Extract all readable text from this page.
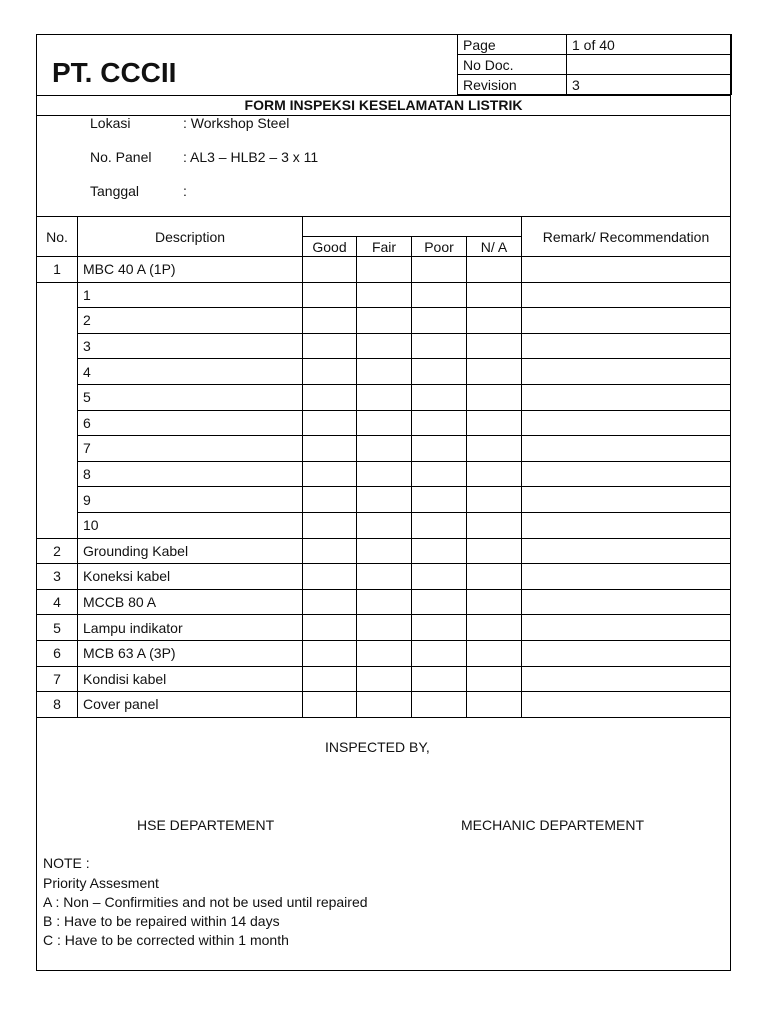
PT. CCCII
Page	1 of 40
No Doc.	
Revision	3
FORM INSPEKSI KESELAMATAN LISTRIK
Lokasi	: Workshop Steel
No. Panel : AL3 – HLB2 – 3 x 11
Tanggal	:
No.	Description					Remark/ Recommendation
		Good	Fair	Poor	N/ A	
1	MBC 40 A (1P)					
	1					
	2					
	3					
	4					
	5					
	6					
	7					
	8					
	9					
	10					
2	Grounding Kabel					
3	Koneksi kabel					
4	MCCB 80 A					
5	Lampu indikator					
6	MCB 63 A (3P)					
7	Kondisi kabel					
8	Cover panel					
INSPECTED BY,
HSE DEPARTEMENT	MECHANIC DEPARTEMENT
NOTE :
Priority Assesment
A : Non – Confirmities and not be used until repaired
B : Have to be repaired within 14 days
C : Have to be corrected within 1 month
